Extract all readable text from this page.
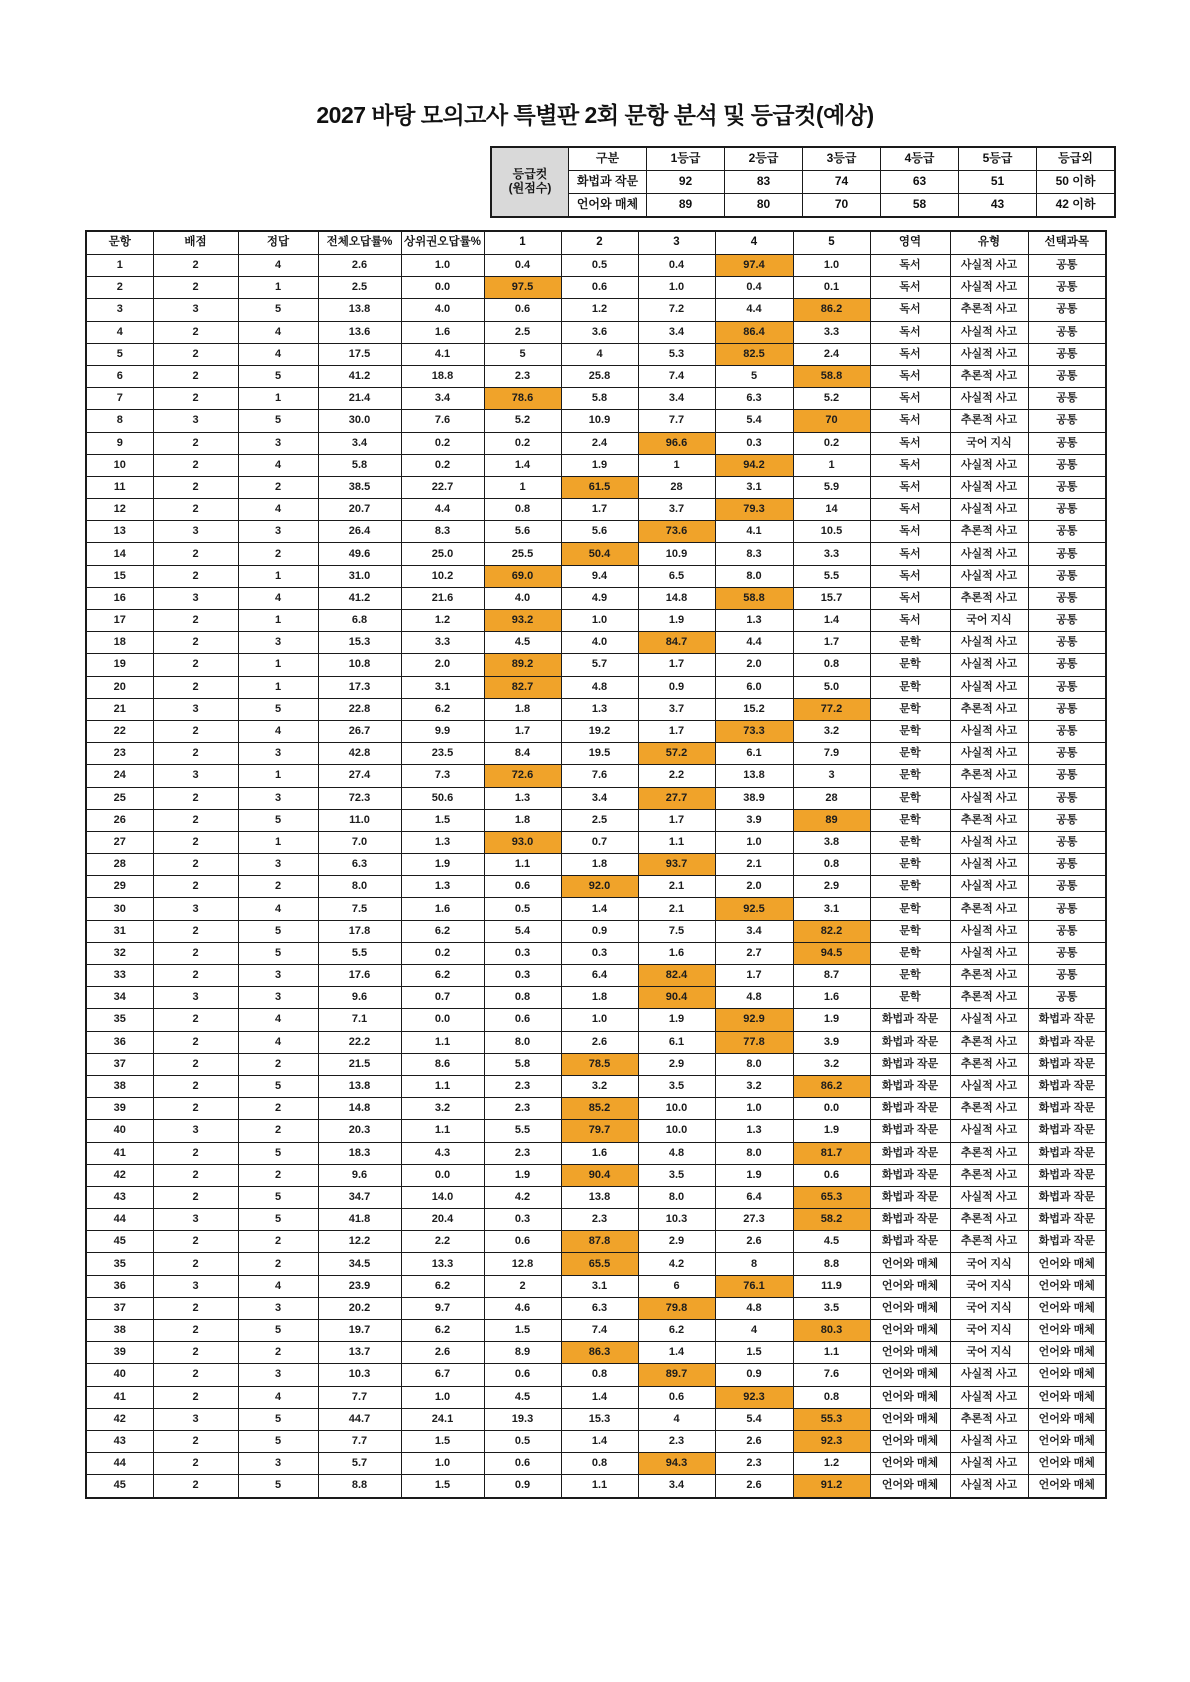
2027 바탕 모의고사 특별판 2회 문항 분석 및 등급컷(예상)
등급컷
(원점수)	구분	1등급	2등급	3등급	4등급	5등급	등급외
	화법과 작문	92	83	74	63	51	50 이하
	언어와 매체	89	80	70	58	43	42 이하
문항	배점	정답	전체오답률%	상위권오답률%	1	2	3	4	5	영역	유형	선택과목
1	2	4	2.6	1.0	0.4	0.5	0.4	97.4	1.0	독서	사실적 사고	공통
2	2	1	2.5	0.0	97.5	0.6	1.0	0.4	0.1	독서	사실적 사고	공통
3	3	5	13.8	4.0	0.6	1.2	7.2	4.4	86.2	독서	추론적 사고	공통
4	2	4	13.6	1.6	2.5	3.6	3.4	86.4	3.3	독서	사실적 사고	공통
5	2	4	17.5	4.1	5	4	5.3	82.5	2.4	독서	사실적 사고	공통
6	2	5	41.2	18.8	2.3	25.8	7.4	5	58.8	독서	추론적 사고	공통
7	2	1	21.4	3.4	78.6	5.8	3.4	6.3	5.2	독서	사실적 사고	공통
8	3	5	30.0	7.6	5.2	10.9	7.7	5.4	70	독서	추론적 사고	공통
9	2	3	3.4	0.2	0.2	2.4	96.6	0.3	0.2	독서	국어 지식	공통
10	2	4	5.8	0.2	1.4	1.9	1	94.2	1	독서	사실적 사고	공통
11	2	2	38.5	22.7	1	61.5	28	3.1	5.9	독서	사실적 사고	공통
12	2	4	20.7	4.4	0.8	1.7	3.7	79.3	14	독서	사실적 사고	공통
13	3	3	26.4	8.3	5.6	5.6	73.6	4.1	10.5	독서	추론적 사고	공통
14	2	2	49.6	25.0	25.5	50.4	10.9	8.3	3.3	독서	사실적 사고	공통
15	2	1	31.0	10.2	69.0	9.4	6.5	8.0	5.5	독서	사실적 사고	공통
16	3	4	41.2	21.6	4.0	4.9	14.8	58.8	15.7	독서	추론적 사고	공통
17	2	1	6.8	1.2	93.2	1.0	1.9	1.3	1.4	독서	국어 지식	공통
18	2	3	15.3	3.3	4.5	4.0	84.7	4.4	1.7	문학	사실적 사고	공통
19	2	1	10.8	2.0	89.2	5.7	1.7	2.0	0.8	문학	사실적 사고	공통
20	2	1	17.3	3.1	82.7	4.8	0.9	6.0	5.0	문학	사실적 사고	공통
21	3	5	22.8	6.2	1.8	1.3	3.7	15.2	77.2	문학	추론적 사고	공통
22	2	4	26.7	9.9	1.7	19.2	1.7	73.3	3.2	문학	사실적 사고	공통
23	2	3	42.8	23.5	8.4	19.5	57.2	6.1	7.9	문학	사실적 사고	공통
24	3	1	27.4	7.3	72.6	7.6	2.2	13.8	3	문학	추론적 사고	공통
25	2	3	72.3	50.6	1.3	3.4	27.7	38.9	28	문학	사실적 사고	공통
26	2	5	11.0	1.5	1.8	2.5	1.7	3.9	89	문학	추론적 사고	공통
27	2	1	7.0	1.3	93.0	0.7	1.1	1.0	3.8	문학	사실적 사고	공통
28	2	3	6.3	1.9	1.1	1.8	93.7	2.1	0.8	문학	사실적 사고	공통
29	2	2	8.0	1.3	0.6	92.0	2.1	2.0	2.9	문학	사실적 사고	공통
30	3	4	7.5	1.6	0.5	1.4	2.1	92.5	3.1	문학	추론적 사고	공통
31	2	5	17.8	6.2	5.4	0.9	7.5	3.4	82.2	문학	사실적 사고	공통
32	2	5	5.5	0.2	0.3	0.3	1.6	2.7	94.5	문학	사실적 사고	공통
33	2	3	17.6	6.2	0.3	6.4	82.4	1.7	8.7	문학	추론적 사고	공통
34	3	3	9.6	0.7	0.8	1.8	90.4	4.8	1.6	문학	추론적 사고	공통
35	2	4	7.1	0.0	0.6	1.0	1.9	92.9	1.9	화법과 작문	사실적 사고	화법과 작문
36	2	4	22.2	1.1	8.0	2.6	6.1	77.8	3.9	화법과 작문	추론적 사고	화법과 작문
37	2	2	21.5	8.6	5.8	78.5	2.9	8.0	3.2	화법과 작문	추론적 사고	화법과 작문
38	2	5	13.8	1.1	2.3	3.2	3.5	3.2	86.2	화법과 작문	사실적 사고	화법과 작문
39	2	2	14.8	3.2	2.3	85.2	10.0	1.0	0.0	화법과 작문	추론적 사고	화법과 작문
40	3	2	20.3	1.1	5.5	79.7	10.0	1.3	1.9	화법과 작문	사실적 사고	화법과 작문
41	2	5	18.3	4.3	2.3	1.6	4.8	8.0	81.7	화법과 작문	추론적 사고	화법과 작문
42	2	2	9.6	0.0	1.9	90.4	3.5	1.9	0.6	화법과 작문	추론적 사고	화법과 작문
43	2	5	34.7	14.0	4.2	13.8	8.0	6.4	65.3	화법과 작문	사실적 사고	화법과 작문
44	3	5	41.8	20.4	0.3	2.3	10.3	27.3	58.2	화법과 작문	추론적 사고	화법과 작문
45	2	2	12.2	2.2	0.6	87.8	2.9	2.6	4.5	화법과 작문	추론적 사고	화법과 작문
35	2	2	34.5	13.3	12.8	65.5	4.2	8	8.8	언어와 매체	국어 지식	언어와 매체
36	3	4	23.9	6.2	2	3.1	6	76.1	11.9	언어와 매체	국어 지식	언어와 매체
37	2	3	20.2	9.7	4.6	6.3	79.8	4.8	3.5	언어와 매체	국어 지식	언어와 매체
38	2	5	19.7	6.2	1.5	7.4	6.2	4	80.3	언어와 매체	국어 지식	언어와 매체
39	2	2	13.7	2.6	8.9	86.3	1.4	1.5	1.1	언어와 매체	국어 지식	언어와 매체
40	2	3	10.3	6.7	0.6	0.8	89.7	0.9	7.6	언어와 매체	사실적 사고	언어와 매체
41	2	4	7.7	1.0	4.5	1.4	0.6	92.3	0.8	언어와 매체	사실적 사고	언어와 매체
42	3	5	44.7	24.1	19.3	15.3	4	5.4	55.3	언어와 매체	추론적 사고	언어와 매체
43	2	5	7.7	1.5	0.5	1.4	2.3	2.6	92.3	언어와 매체	사실적 사고	언어와 매체
44	2	3	5.7	1.0	0.6	0.8	94.3	2.3	1.2	언어와 매체	사실적 사고	언어와 매체
45	2	5	8.8	1.5	0.9	1.1	3.4	2.6	91.2	언어와 매체	사실적 사고	언어와 매체
